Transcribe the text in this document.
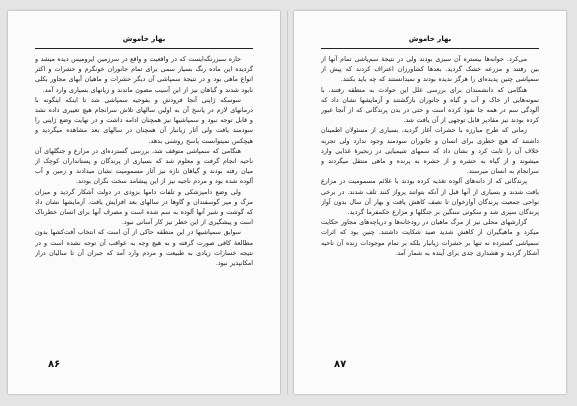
بهار خاموش

جاره سبزرنگه‌ایست که در واقعیت و واقع در سرزمین ایرومیس دیده میشد و گردیده این ماده رنگ بسیار سمی برای تمام جانوران خونگرم و حشرات و اکثر انواع ماهی بود و در نتیجهٔ سمپاشی آن دیگر حشرات و ماهیان آبهای مجاور بکلی نابود شدند و گیاهان نیز از این آسیب مصون ماندند و زیانهای بسیاری وارد آمد.

سوسکه ژاپنی آنجا فرودش و بفوحیه سمپاشی شد تا اینکه اینگونه با درمانهای لازم در پاسخ آن به اولین سالهای تلاش سرانجام هیچ تغییری داده نشد و قابل توجه نبود و سمپاشیها نیز همچنان ادامه داشت و در نهایت وضع ژاپنی را سودمند یافت ولی آثار زیانبار آن همچنان در سالهای بعد مشاهده میگردید و هیچکس نمیتوانست پاسخ روشنی بدهد.

هنگامی که سمپاشی متوقف شد، بررسی گسترده‌ای در مزارع و جنگلهای آن ناحیه انجام گرفت و معلوم شد که بسیاری از پرندگان و پستانداران کوچک از میان رفته بودند و گیاهان تازه نیز آثار مسمومیت نشان میدادند و زمین و آب آلوده شده بود و مردم ناحیه نیز از این پیشامد سخت نگران بودند.

ولی وضع دامپزشکی و تلفات دامها بزودی در دولت آشکار گردید و میزان مرگ و میر گوسفندان و گاوها در سالهای بعد افزایش یافت. آزمایشها نشان داد که گوشت و شیر آنها آلوده به سم شده است و مصرف آنها برای انسان خطرناک است و پیشگیری از این خطر نیز کار آسانی نبود.

سوابق سمپاشیها در این منطقه حاکی از آن است که انتخاب آفت‌کشها بدون مطالعهٔ کافی صورت گرفته و به هیچ وجه به عواقب آن توجه نشده است و در نتیجه خسارات زیادی به طبیعت و مردم وارد آمد که جبران آن تا سالیان دراز امکانپذیر نبود.

۸۶
بهار خاموش

می‌کرد. جوانه‌ها بیستره آن سبزی بودند ولی در نتیجهٔ سم‌پاشی تمام آنها از بین رفتند و مزرعه خشک گردید. بعد‌ها کشاورزان اعتراف کردند که پیش از سمپاشی چنین پدیده‌ای را هرگز ندیده بودند و نمیدانستند که چه باید بکنند.

هنگامی که دانشمندان برای بررسی علل این حوادث به منطقه رفتند، با نمونه‌هایی از خاک و آب و گیاه و جانوران بازگشتند و آزمایشها نشان داد که آلودگی سم در همه جا نفوذ کرده است و حتی در بدن پرندگانی که از آنجا عبور کرده بودند نیز مقادیر قابل توجهی از آن یافت شد.

زمانی که طرح مبارزه با حشرات آغاز گردید، بسیاری از مسئولان اطمینان داشتند که هیچ خطری برای انسان و جانوران سودمند وجود ندارد ولی تجربه خلاف آن را ثابت کرد و نشان داد که سمهای شیمیایی در زنجیرهٔ غذایی وارد میشوند و از گیاه به حشره و از حشره به پرنده و ماهی منتقل میگردند و سرانجام به انسان میرسند.

پرندگانی که از دانه‌های آلوده تغذیه کرده بودند با علائم مسمومیت در مزارع یافت شدند و بسیاری از آنها قبل از آنکه بتوانند پرواز کنند تلف شدند. در برخی نواحی جمعیت پرندگان آوازخوان تا نصف کاهش یافت و بهار آن سال بدون آواز پرندگان سپری شد و سکوتی سنگین بر جنگلها و مزارع حکمفرما گردید.

گزارشهای محلی نیز از مرگ ماهیان در رودخانه‌ها و دریاچه‌های مجاور حکایت میکرد و ماهیگیران از کاهش شدید صید شکایت داشتند. چنین بود که اثرات سمپاشی گسترده نه تنها بر حشرات زیانبار بلکه بر تمام موجودات زنده آن ناحیه آشکار گردید و هشداری جدی برای آینده به شمار آمد.

۸۷
